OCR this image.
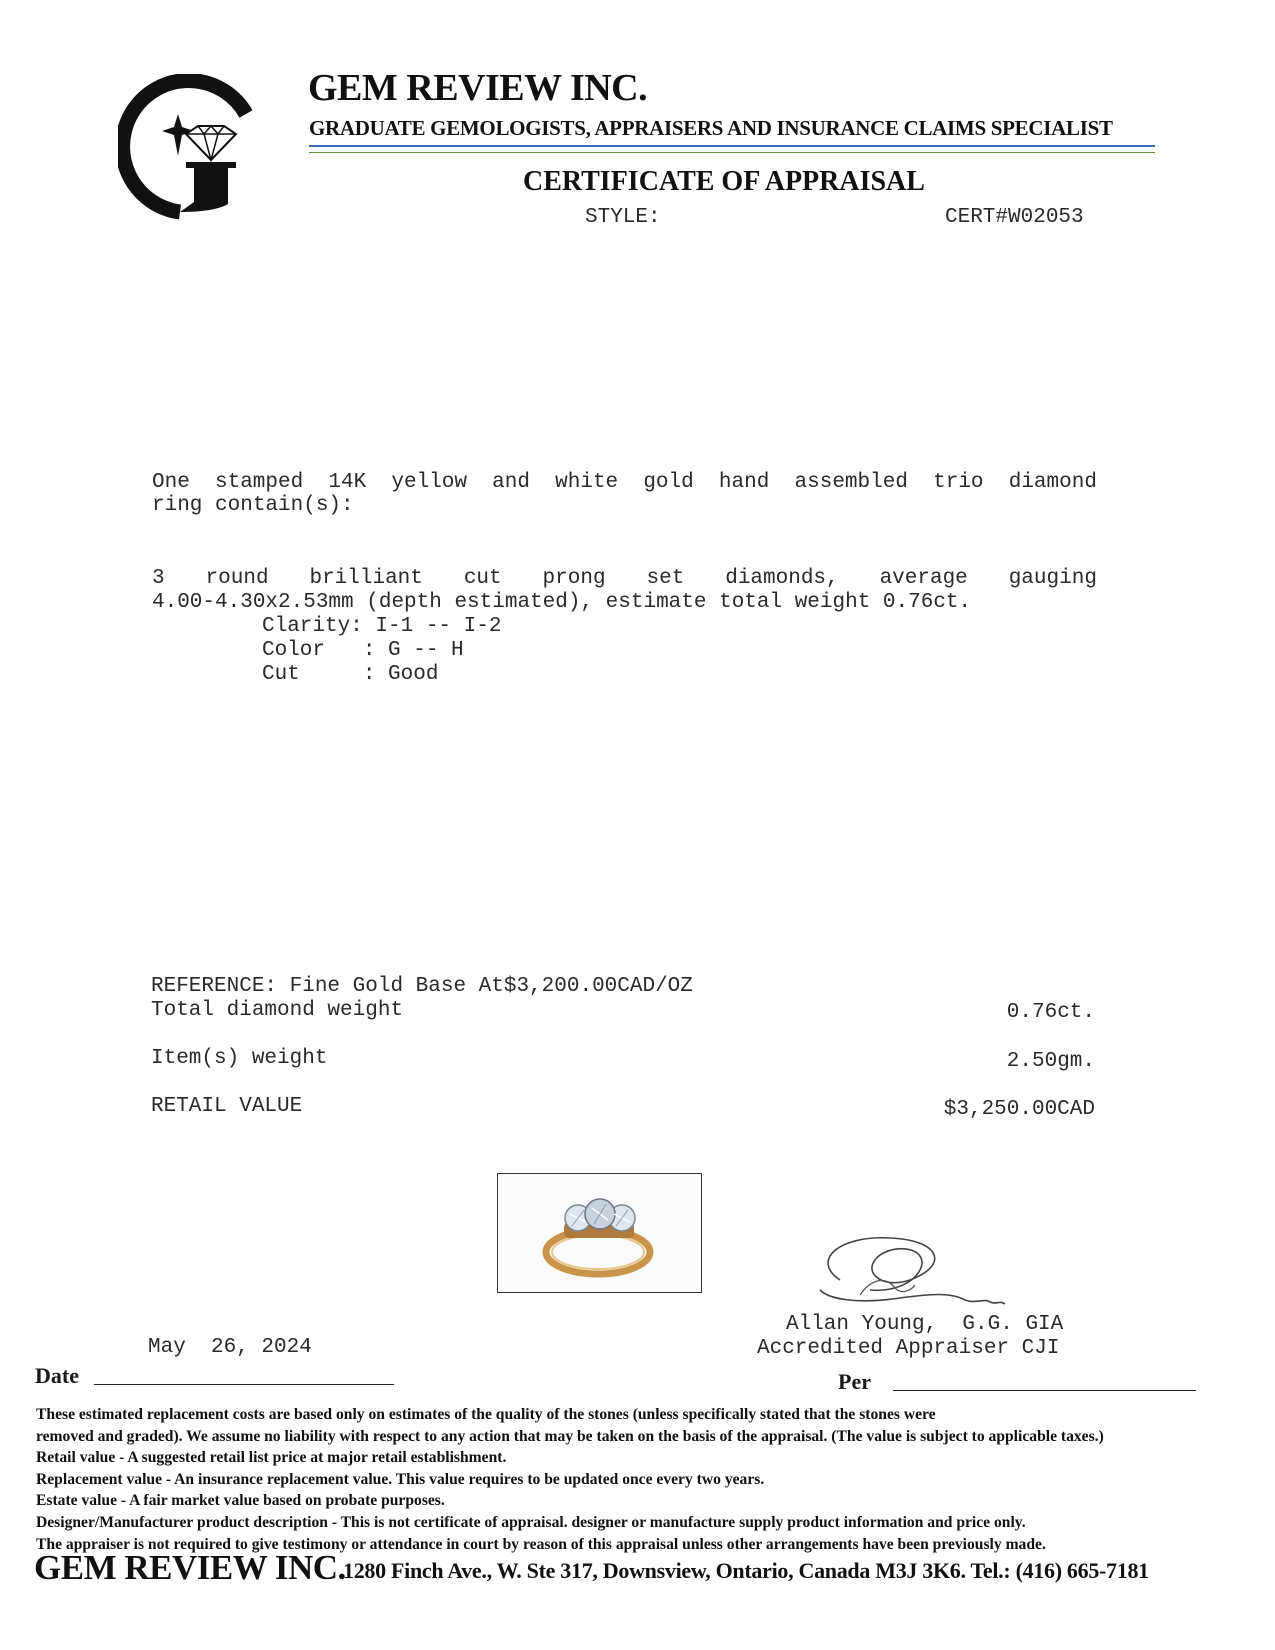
GEM REVIEW INC.
GRADUATE GEMOLOGISTS, APPRAISERS AND INSURANCE CLAIMS SPECIALIST
CERTIFICATE OF APPRAISAL
STYLE:	CERT#W02053
One stamped 14K yellow and white gold hand assembled trio diamond
ring contain(s):
3 round brilliant cut prong set diamonds, average gauging
4.00-4.30x2.53mm (depth estimated), estimate total weight 0.76ct.
Clarity: I-1 -- I-2
Color   : G -- H
Cut     : Good
REFERENCE: Fine Gold Base At$3,200.00CAD/OZ
Total diamond weight	0.76ct.
Item(s) weight	2.50gm.
RETAIL VALUE	$3,250.00CAD
Allan Young,  G.G. GIA
Accredited Appraiser CJI
May  26, 2024
Date	Per
These estimated replacement costs are based only on estimates of the quality of the stones (unless specifically stated that the stones were
removed and graded). We assume no liability with respect to any action that may be taken on the basis of the appraisal. (The value is subject to applicable taxes.)
Retail value - A suggested retail list price at major retail establishment.
Replacement value - An insurance replacement value. This value requires to be updated once every two years.
Estate value - A fair market value based on probate purposes.
Designer/Manufacturer product description - This is not certificate of appraisal. designer or manufacture supply product information and price only.
The appraiser is not required to give testimony or attendance in court by reason of this appraisal unless other arrangements have been previously made.
GEM REVIEW INC.
1280 Finch Ave., W. Ste 317, Downsview, Ontario, Canada M3J 3K6. Tel.: (416) 665-7181
